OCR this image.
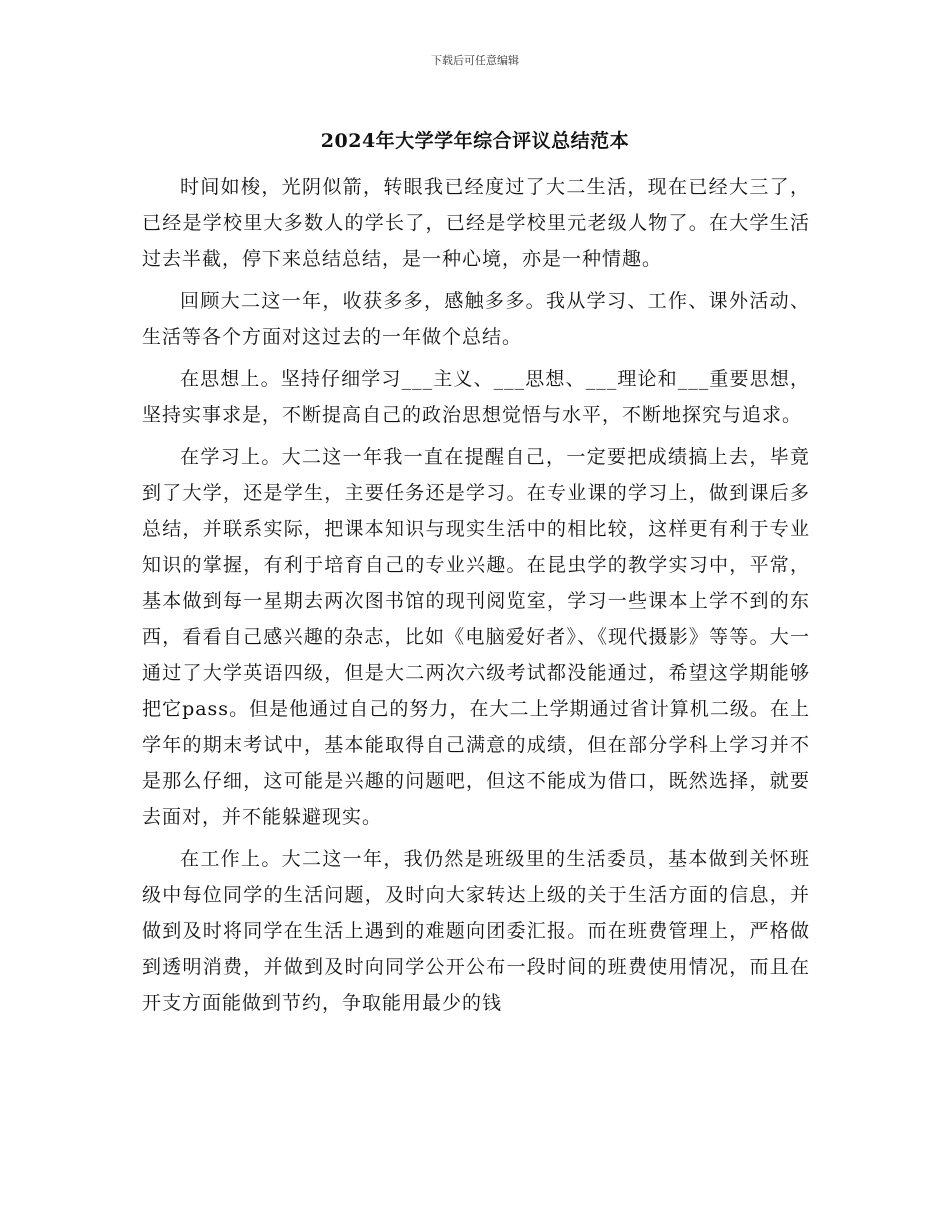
下载后可任意编辑
2024年大学学年综合评议总结范本

时间如梭，光阴似箭，转眼我已经度过了大二生活，现在已经大三了，已经是学校里大多数人的学长了，已经是学校里元老级人物了。在大学生活过去半截，停下来总结总结，是一种心境，亦是一种情趣。

回顾大二这一年，收获多多，感触多多。我从学习、工作、课外活动、生活等各个方面对这过去的一年做个总结。

在思想上。坚持仔细学习___主义、___思想、___理论和___重要思想，坚持实事求是，不断提高自己的政治思想觉悟与水平，不断地探究与追求。

在学习上。大二这一年我一直在提醒自己，一定要把成绩搞上去，毕竟到了大学，还是学生，主要任务还是学习。在专业课的学习上，做到课后多总结，并联系实际，把课本知识与现实生活中的相比较，这样更有利于专业知识的掌握，有利于培育自己的专业兴趣。在昆虫学的教学实习中，平常，基本做到每一星期去两次图书馆的现刊阅览室，学习一些课本上学不到的东西，看看自己感兴趣的杂志，比如《电脑爱好者》、《现代摄影》等等。大一通过了大学英语四级，但是大二两次六级考试都没能通过，希望这学期能够把它pass。但是他通过自己的努力，在大二上学期通过省计算机二级。在上学年的期末考试中，基本能取得自己满意的成绩，但在部分学科上学习并不是那么仔细，这可能是兴趣的问题吧，但这不能成为借口，既然选择，就要去面对，并不能躲避现实。

在工作上。大二这一年，我仍然是班级里的生活委员，基本做到关怀班级中每位同学的生活问题，及时向大家转达上级的关于生活方面的信息，并做到及时将同学在生活上遇到的难题向团委汇报。而在班费管理上，严格做到透明消费，并做到及时向同学公开公布一段时间的班费使用情况，而且在开支方面能做到节约，争取能用最少的钱
